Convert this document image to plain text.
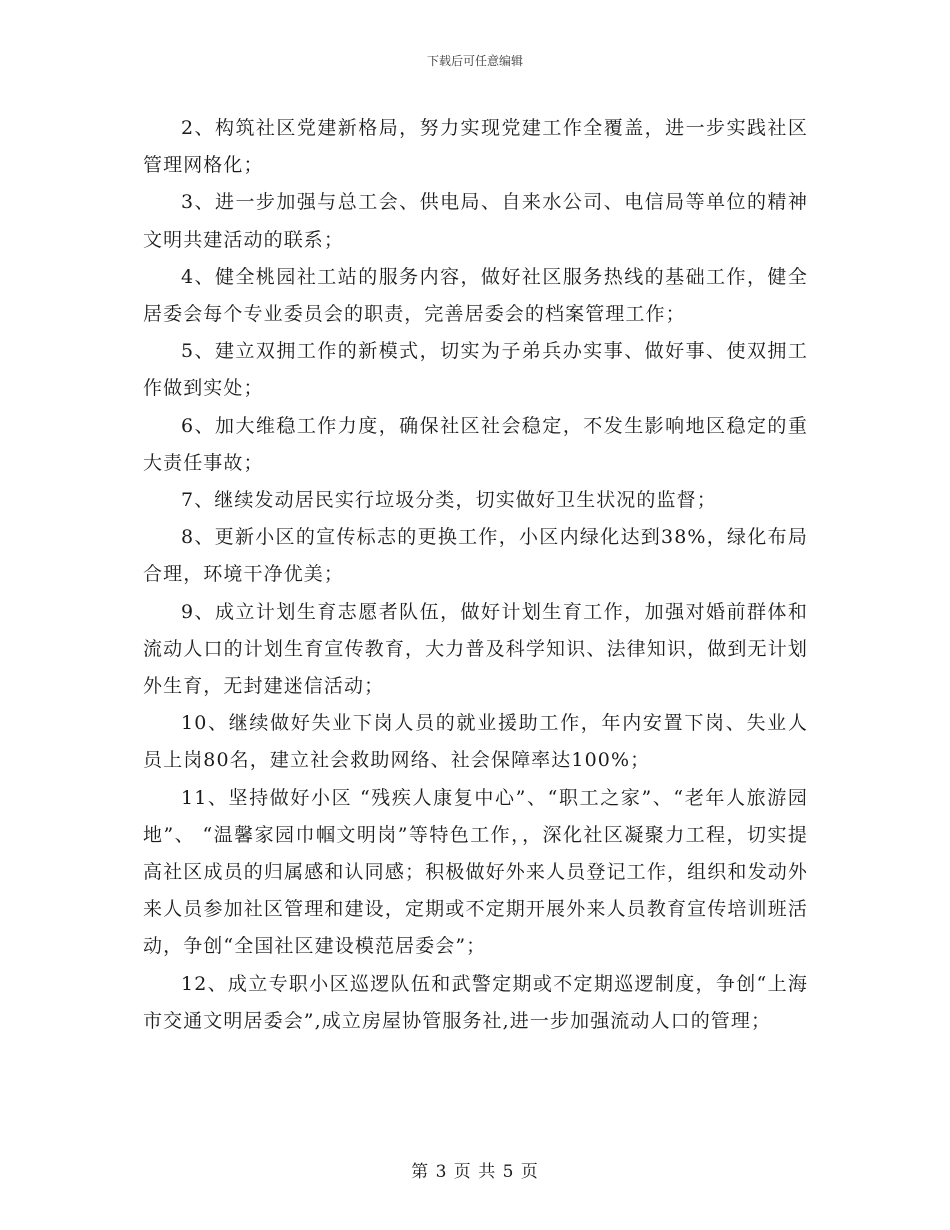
下载后可任意编辑

2、构筑社区党建新格局，努力实现党建工作全覆盖，进一步实践社区管理网格化；

3、进一步加强与总工会、供电局、自来水公司、电信局等单位的精神文明共建活动的联系；

4、健全桃园社工站的服务内容，做好社区服务热线的基础工作，健全居委会每个专业委员会的职责，完善居委会的档案管理工作；

5、建立双拥工作的新模式，切实为子弟兵办实事、做好事、使双拥工作做到实处；

6、加大维稳工作力度，确保社区社会稳定，不发生影响地区稳定的重大责任事故；

7、继续发动居民实行垃圾分类，切实做好卫生状况的监督；

8、更新小区的宣传标志的更换工作，小区内绿化达到38%，绿化布局合理，环境干净优美；

9、成立计划生育志愿者队伍，做好计划生育工作，加强对婚前群体和流动人口的计划生育宣传教育，大力普及科学知识、法律知识，做到无计划外生育，无封建迷信活动；

10、继续做好失业下岗人员的就业援助工作，年内安置下岗、失业人员上岗80名，建立社会救助网络、社会保障率达100%；

11、坚持做好小区 “残疾人康复中心”、“职工之家”、“老年人旅游园地”、 “温馨家园巾帼文明岗”等特色工作，，深化社区凝聚力工程，切实提高社区成员的归属感和认同感；积极做好外来人员登记工作，组织和发动外来人员参加社区管理和建设，定期或不定期开展外来人员教育宣传培训班活动，争创“全国社区建设模范居委会”；

12、成立专职小区巡逻队伍和武警定期或不定期巡逻制度，争创“上海市交通文明居委会”,成立房屋协管服务社,进一步加强流动人口的管理；

第 3 页 共 5 页
